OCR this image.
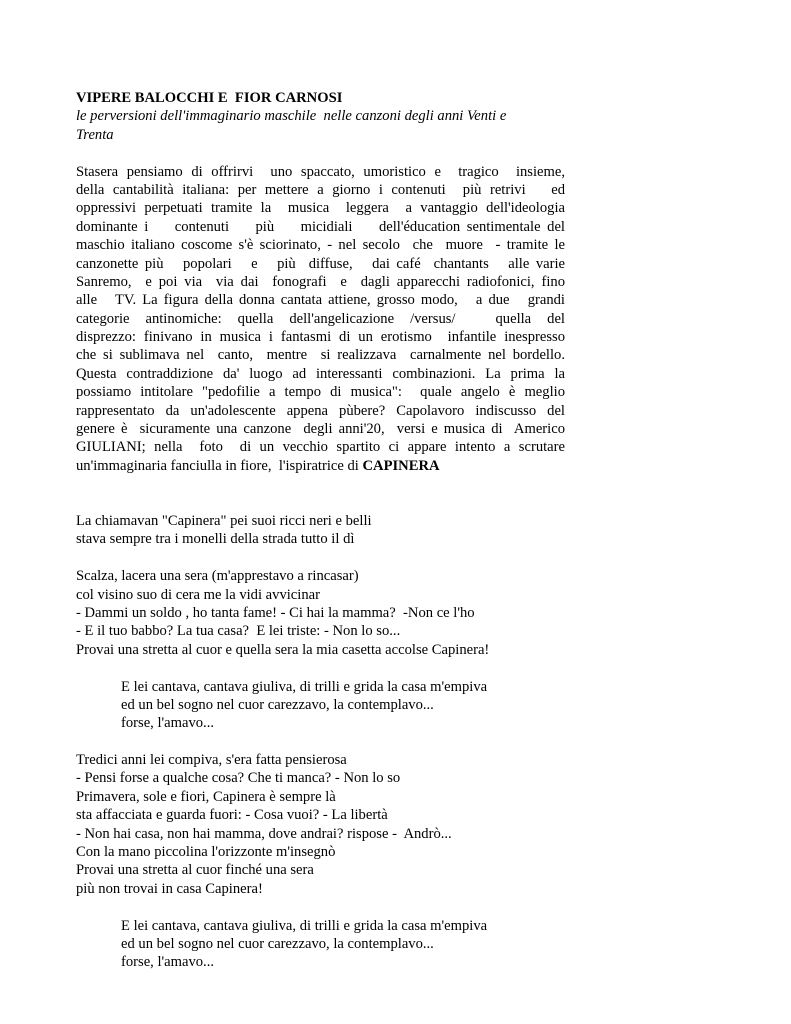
VIPERE BALOCCHI E  FIOR CARNOSI
le perversioni dell'immaginario maschile  nelle canzoni degli anni Venti e
Trenta
Stasera pensiamo di offrirvi  uno spaccato, umoristico e  tragico  insieme,
della cantabilità italiana: per mettere a giorno i contenuti  più retrivi   ed
oppressivi perpetuati tramite la  musica  leggera  a vantaggio dell'ideologia
dominante i    contenuti    più    micidiali    dell'éducation sentimentale del
maschio italiano coscome s'è sciorinato, - nel secolo  che  muore  - tramite le
canzonette più   popolari   e   più  diffuse,   dai café  chantants   alle varie
Sanremo,  e poi via  via dai  fonografi  e  dagli apparecchi radiofonici, fino
alle   TV. La figura della donna cantata attiene, grosso modo,   a due   grandi
categorie  antinomiche:  quella  dell'angelicazione  /versus/     quella  del
disprezzo: finivano in musica i fantasmi di un erotismo  infantile inespresso
che si sublimava nel  canto,  mentre  si realizzava  carnalmente nel bordello.
Questa contraddizione da' luogo ad interessanti combinazioni. La prima la
possiamo intitolare "pedofilie a tempo di musica":  quale angelo è meglio
rappresentato da un'adolescente appena pùbere? Capolavoro indiscusso del
genere è  sicuramente una canzone  degli anni'20,  versi e musica di  Americo
GIULIANI; nella  foto  di un vecchio spartito ci appare intento a scrutare
un'immaginaria fanciulla in fiore,  l'ispiratrice di CAPINERA
La chiamavan "Capinera" pei suoi ricci neri e belli
stava sempre tra i monelli della strada tutto il dì
Scalza, lacera una sera (m'apprestavo a rincasar)
col visino suo di cera me la vidi avvicinar
- Dammi un soldo , ho tanta fame! - Ci hai la mamma?  -Non ce l'ho
- E il tuo babbo? La tua casa?  E lei triste: - Non lo so...
Provai una stretta al cuor e quella sera la mia casetta accolse Capinera!
E lei cantava, cantava giuliva, di trilli e grida la casa m'empiva
ed un bel sogno nel cuor carezzavo, la contemplavo...
forse, l'amavo...
Tredici anni lei compiva, s'era fatta pensierosa
- Pensi forse a qualche cosa? Che ti manca? - Non lo so
Primavera, sole e fiori, Capinera è sempre là
sta affacciata e guarda fuori: - Cosa vuoi? - La libertà
- Non hai casa, non hai mamma, dove andrai? rispose -  Andrò...
Con la mano piccolina l'orizzonte m'insegnò
Provai una stretta al cuor finché una sera
più non trovai in casa Capinera!
E lei cantava, cantava giuliva, di trilli e grida la casa m'empiva
ed un bel sogno nel cuor carezzavo, la contemplavo...
forse, l'amavo...
